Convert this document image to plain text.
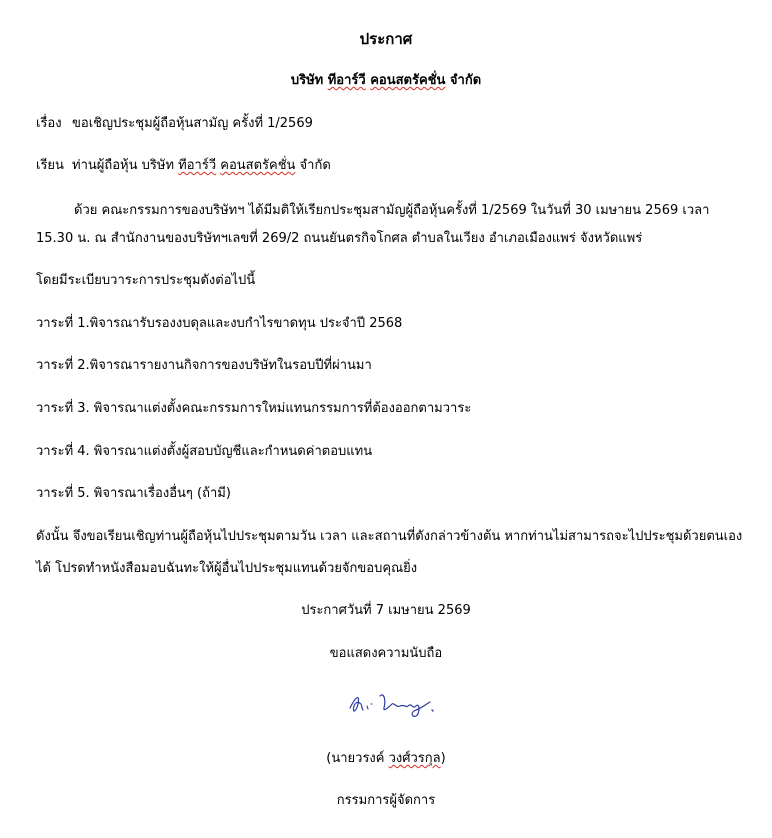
ประกาศ

บริษัท ทีอาร์วี คอนสตรัคชั่น จำกัด

เรื่อง ขอเชิญประชุมผู้ถือหุ้นสามัญ ครั้งที่ 1/2569

เรียน ท่านผู้ถือหุ้น บริษัท ทีอาร์วี คอนสตรัคชั่น จำกัด

ด้วย คณะกรรมการของบริษัทฯ ได้มีมติให้เรียกประชุมสามัญผู้ถือหุ้นครั้งที่ 1/2569 ในวันที่ 30 เมษายน 2569 เวลา

15.30 น. ณ สำนักงานของบริษัทฯเลขที่ 269/2 ถนนยันตรกิจโกศล ตำบลในเวียง อำเภอเมืองแพร่ จังหวัดแพร่

โดยมีระเบียบวาระการประชุมดังต่อไปนี้

วาระที่ 1.พิจารณารับรองงบดุลและงบกำไรขาดทุน ประจำปี 2568

วาระที่ 2.พิจารณารายงานกิจการของบริษัทในรอบปีที่ผ่านมา

วาระที่ 3. พิจารณาแต่งตั้งคณะกรรมการใหม่แทนกรรมการที่ต้องออกตามวาระ

วาระที่ 4. พิจารณาแต่งตั้งผู้สอบบัญชีและกำหนดค่าตอบแทน

วาระที่ 5. พิจารณาเรื่องอื่นๆ (ถ้ามี)

ดังนั้น จึงขอเรียนเชิญท่านผู้ถือหุ้นไปประชุมตามวัน เวลา และสถานที่ดังกล่าวข้างต้น หากท่านไม่สามารถจะไปประชุมด้วยตนเอง

ได้ โปรดทำหนังสือมอบฉันทะให้ผู้อื่นไปประชุมแทนด้วยจักขอบคุณยิ่ง

ประกาศวันที่ 7 เมษายน 2569

ขอแสดงความนับถือ

(นายวรงค์ วงศ์วรกุล)

กรรมการผู้จัดการ
